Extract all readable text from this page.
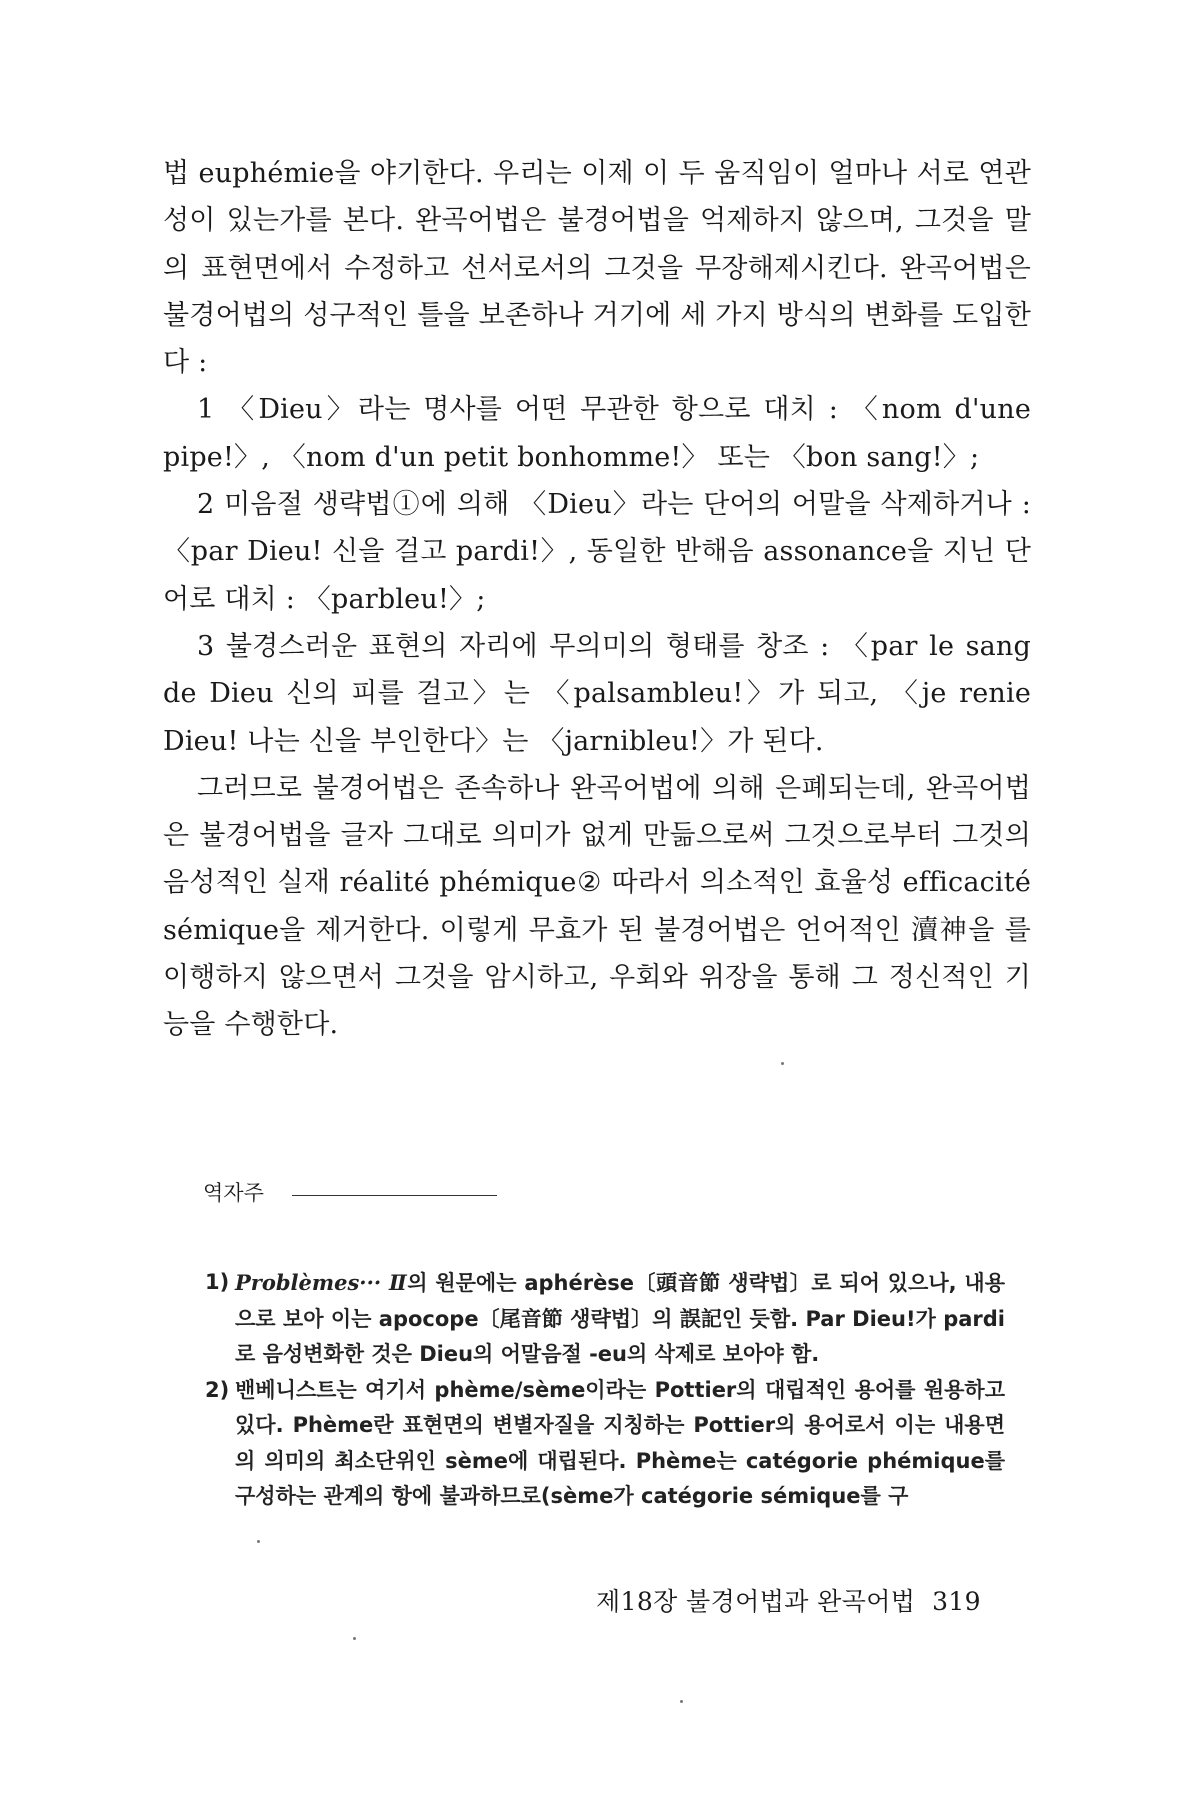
법 euphémie을 야기한다. 우리는 이제 이 두 움직임이 얼마나 서로 연관성이 있는가를 본다. 완곡어법은 불경어법을 억제하지 않으며, 그것을 말의 표현면에서 수정하고 선서로서의 그것을 무장해제시킨다. 완곡어법은 불경어법의 성구적인 틀을 보존하나 거기에 세 가지 방식의 변화를 도입한다 :

1 〈Dieu〉라는 명사를 어떤 무관한 항으로 대치 : 〈nom d'une pipe!〉, 〈nom d'un petit bonhomme!〉 또는 〈bon sang!〉;

2 미음절 생략법①에 의해 〈Dieu〉라는 단어의 어말을 삭제하거나 : 〈par Dieu! 신을 걸고 pardi!〉, 동일한 반해음 assonance을 지닌 단어로 대치 : 〈parbleu!〉;

3 불경스러운 표현의 자리에 무의미의 형태를 창조 : 〈par le sang de Dieu 신의 피를 걸고〉는 〈palsambleu!〉가 되고, 〈je renie Dieu! 나는 신을 부인한다〉는 〈jarnibleu!〉가 된다.

그러므로 불경어법은 존속하나 완곡어법에 의해 은폐되는데, 완곡어법은 불경어법을 글자 그대로 의미가 없게 만듦으로써 그것으로부터 그것의 음성적인 실재 réalité phémique② 따라서 의소적인 효율성 efficacité sémique을 제거한다. 이렇게 무효가 된 불경어법은 언어적인 瀆神을 를 이행하지 않으면서 그것을 암시하고, 우회와 위장을 통해 그 정신적인 기능을 수행한다.

역자주

1) Problèmes··· Ⅱ의 원문에는 aphérèse〔頭音節 생략법〕로 되어 있으나, 내용으로 보아 이는 apocope〔尾音節 생략법〕의 誤記인 듯함. Par Dieu!가 pardi로 음성변화한 것은 Dieu의 어말음절 -eu의 삭제로 보아야 함.

2) 밴베니스트는 여기서 phème/sème이라는 Pottier의 대립적인 용어를 원용하고 있다. Phème란 표현면의 변별자질을 지칭하는 Pottier의 용어로서 이는 내용면의 의미의 최소단위인 sème에 대립된다. Phème는 catégorie phémique를 구성하는 관계의 항에 불과하므로(sème가 catégorie sémique를 구

제18장 불경어법과 완곡어법 319
